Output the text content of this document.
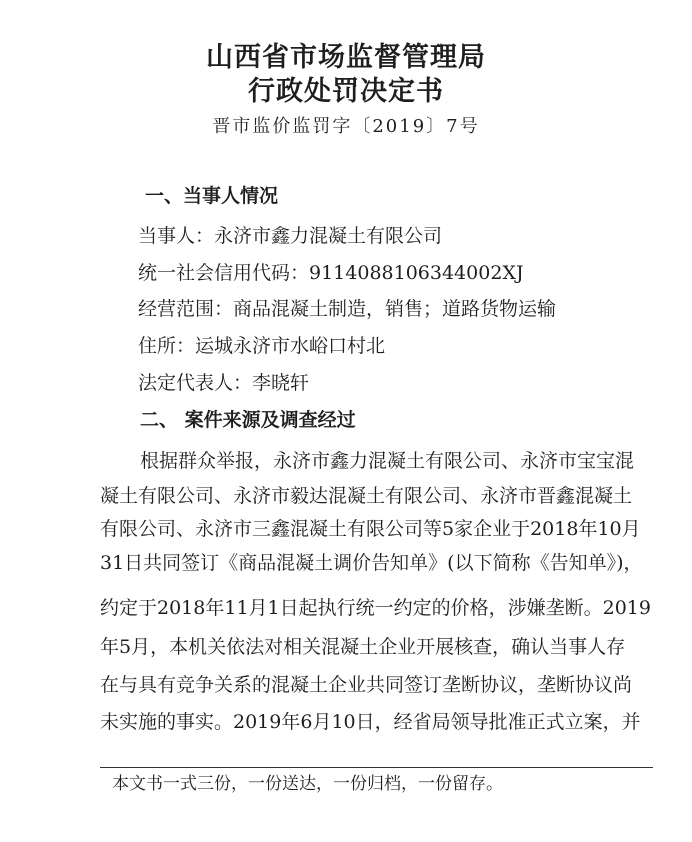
山西省市场监督管理局
行政处罚决定书
晋市监价监罚字〔2019〕7号
一、当事人情况
当事人：永济市鑫力混凝土有限公司
统一社会信用代码：9114088106344002XJ
经营范围：商品混凝土制造，销售；道路货物运输
住所：运城永济市水峪口村北
法定代表人：李晓轩
二、 案件来源及调查经过
根据群众举报，永济市鑫力混凝土有限公司、永济市宝宝混
凝土有限公司、永济市毅达混凝土有限公司、永济市晋鑫混凝土
有限公司、永济市三鑫混凝土有限公司等5家企业于2018年10月
31日共同签订《商品混凝土调价告知单》(以下简称《告知单》)，
约定于2018年11月1日起执行统一约定的价格，涉嫌垄断。2019
年5月，本机关依法对相关混凝土企业开展核查，确认当事人存
在与具有竞争关系的混凝土企业共同签订垄断协议，垄断协议尚
未实施的事实。2019年6月10日，经省局领导批准正式立案，并
本文书一式三份，一份送达，一份归档，一份留存。
